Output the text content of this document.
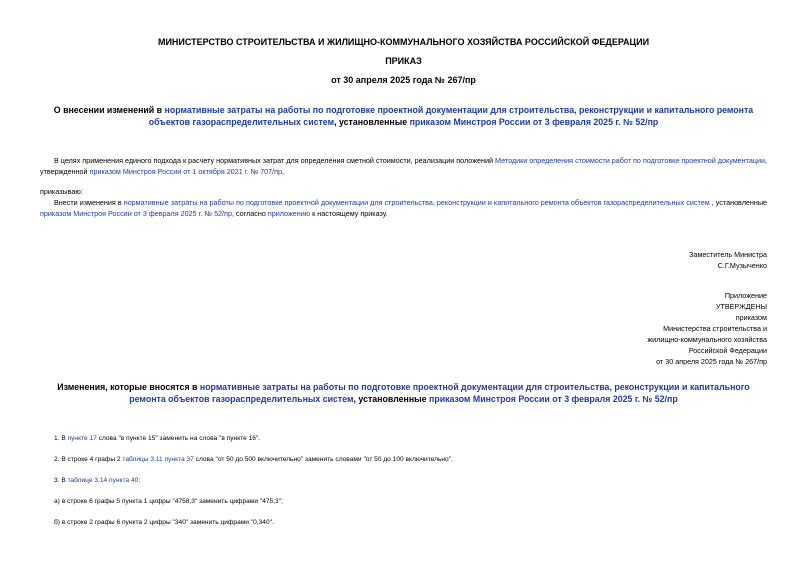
МИНИСТЕРСТВО СТРОИТЕЛЬСТВА И ЖИЛИЩНО-КОММУНАЛЬНОГО ХОЗЯЙСТВА РОССИЙСКОЙ ФЕДЕРАЦИИ
ПРИКАЗ
от 30 апреля 2025 года № 267/пр
О внесении изменений в нормативные затраты на работы по подготовке проектной документации для строительства, реконструкции и капитального ремонта объектов газораспределительных систем, установленные приказом Минстроя России от 3 февраля 2025 г. № 52/пр
В целях применения единого подхода к расчету нормативных затрат для определения сметной стоимости, реализации положений Методики определения стоимости работ по подготовке проектной документации, утвержденной приказом Минстроя России от 1 октября 2021 г. № 707/пр,
приказываю:
Внести изменения в нормативные затраты на работы по подготовке проектной документации для строительства, реконструкции и капитального ремонта объектов газораспределительных систем , установленные приказом Минстроя России от 3 февраля 2025 г. № 52/пр, согласно приложению к настоящему приказу.
Заместитель Министра
С.Г.Музыченко
Приложение
УТВЕРЖДЕНЫ
приказом
Министерства строительства и
жилищно-коммунального хозяйства
Российской Федерации
от 30 апреля 2025 года № 267/пр
Изменения, которые вносятся в нормативные затраты на работы по подготовке проектной документации для строительства, реконструкции и капитального ремонта объектов газораспределительных систем, установленные приказом Минстроя России от 3 февраля 2025 г. № 52/пр
1. В пункте 17 слова "в пункте 15" заменить на слова "в пункте 16".
2. В строке 4 графы 2 таблицы 3.11 пункта 37 слова "от 50 до 500 включительно" заменить словами "от 50 до 100 включительно".
3. В таблице 3.14 пункта 40:
а) в строке 6 графы 5 пункта 1 цифры "4758,3" заменить цифрами "475,3";
б) в строке 2 графы 6 пункта 2 цифры "340" заменить цифрами "0,340".
